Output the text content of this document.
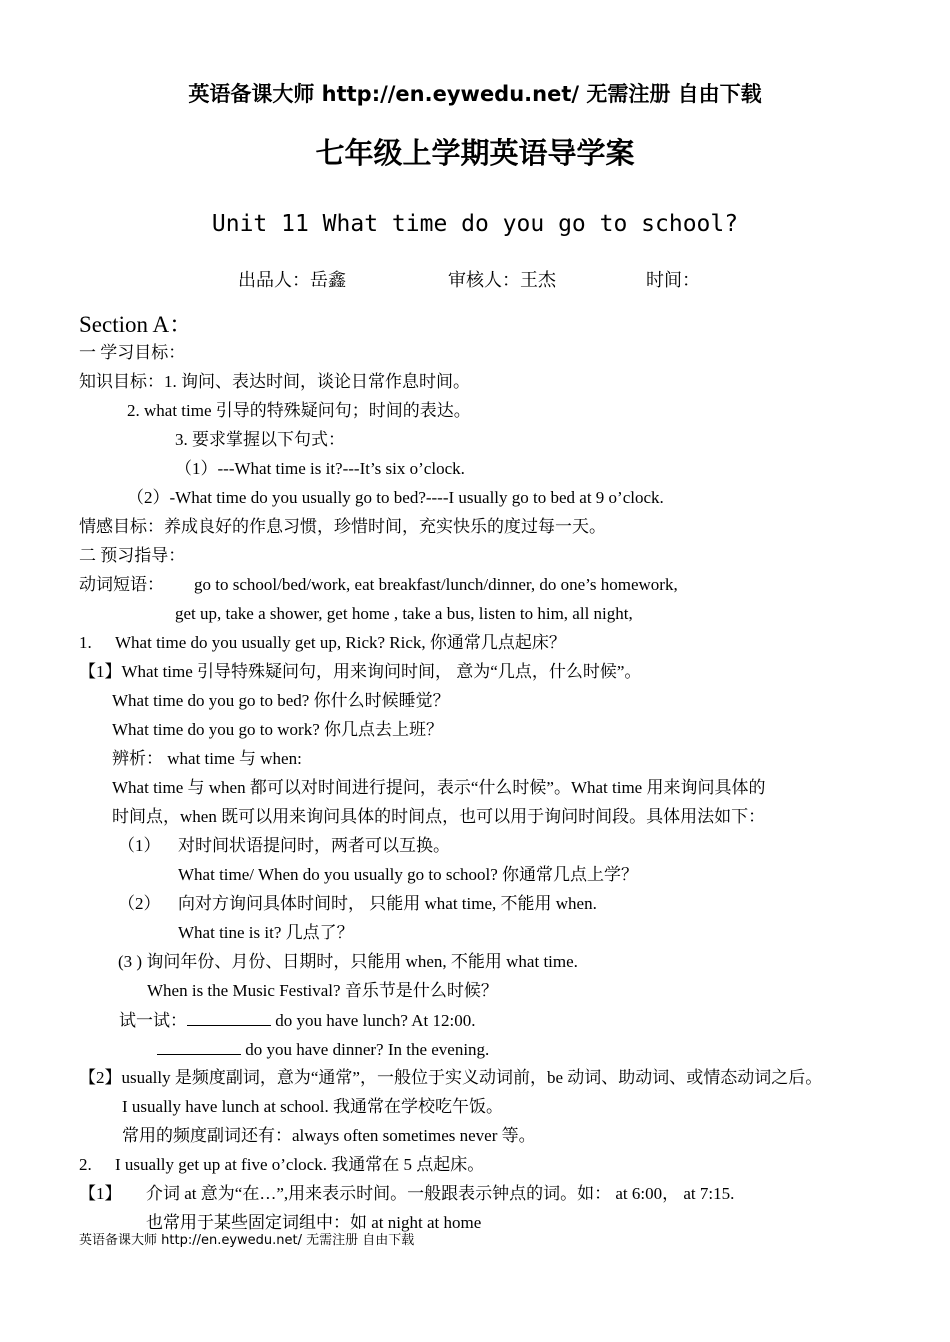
英语备课大师 http://en.eywedu.net/ 无需注册 自由下载
七年级上学期英语导学案
Unit 11 What time do you go to school?
出品人：岳鑫	审核人：王杰	时间：
Section A：
一 学习目标：
知识目标：1. 询问、表达时间，谈论日常作息时间。
2. what time 引导的特殊疑问句；时间的表达。
3. 要求掌握以下句式：
（1）---What time is it?---It’s six o’clock.
（2）-What time do you usually go to bed?----I usually go to bed at 9 o’clock.
情感目标：养成良好的作息习惯，珍惜时间，充实快乐的度过每一天。
二 预习指导：
动词短语： go to school/bed/work, eat breakfast/lunch/dinner, do one’s homework,
get up, take a shower, get home , take a bus, listen to him, all night,
1. What time do you usually get up, Rick? Rick, 你通常几点起床？
【1】What time 引导特殊疑问句，用来询问时间， 意为“几点，什么时候”。
What time do you go to bed? 你什么时候睡觉？
What time do you go to work? 你几点去上班？
辨析： what time 与 when:
What time 与 when 都可以对时间进行提问，表示“什么时候”。What time 用来询问具体的
时间点，when 既可以用来询问具体的时间点，也可以用于询问时间段。具体用法如下：
（1） 对时间状语提问时，两者可以互换。
What time/ When do you usually go to school? 你通常几点上学？
（2） 向对方询问具体时间时， 只能用 what time, 不能用 when.
What tine is it? 几点了？
(3 ) 询问年份、月份、日期时，只能用 when, 不能用 what time.
When is the Music Festival? 音乐节是什么时候？
试一试：	do you have lunch? At 12:00.
do you have dinner? In the evening.
【2】usually 是频度副词，意为“通常”，一般位于实义动词前，be 动词、助动词、或情态动词之后。
I usually have lunch at school. 我通常在学校吃午饭。
常用的频度副词还有：always often sometimes never 等。
2. I usually get up at five o’clock. 我通常在 5 点起床。
【1】 介词 at 意为“在…”,用来表示时间。一般跟表示钟点的词。如： at 6:00， at 7:15.
也常用于某些固定词组中：如 at night at home
英语备课大师 http://en.eywedu.net/ 无需注册 自由下载
